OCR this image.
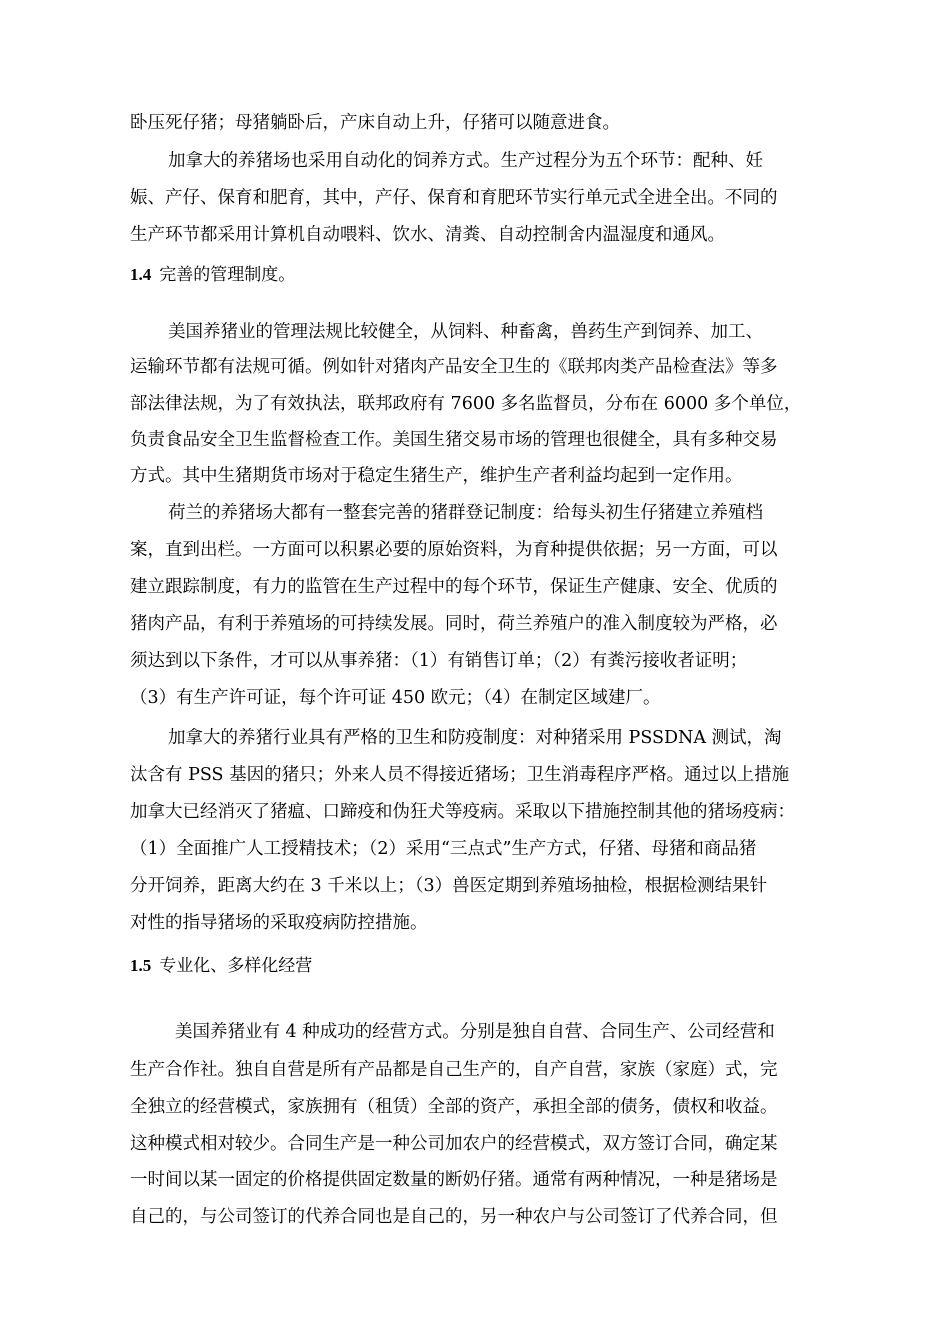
卧压死仔猪；母猪躺卧后，产床自动上升，仔猪可以随意进食。
加拿大的养猪场也采用自动化的饲养方式。生产过程分为五个环节：配种、妊
娠、产仔、保育和肥育，其中，产仔、保育和育肥环节实行单元式全进全出。不同的
生产环节都采用计算机自动喂料、饮水、清粪、自动控制舍内温湿度和通风。
1.4 完善的管理制度。
美国养猪业的管理法规比较健全，从饲料、种畜禽，兽药生产到饲养、加工、
运输环节都有法规可循。例如针对猪肉产品安全卫生的《联邦肉类产品检查法》等多
部法律法规，为了有效执法，联邦政府有 7600 多名监督员，分布在 6000 多个单位，
负责食品安全卫生监督检查工作。美国生猪交易市场的管理也很健全，具有多种交易
方式。其中生猪期货市场对于稳定生猪生产，维护生产者利益均起到一定作用。
荷兰的养猪场大都有一整套完善的猪群登记制度：给每头初生仔猪建立养殖档
案，直到出栏。一方面可以积累必要的原始资料，为育种提供依据；另一方面，可以
建立跟踪制度，有力的监管在生产过程中的每个环节，保证生产健康、安全、优质的
猪肉产品，有利于养殖场的可持续发展。同时，荷兰养殖户的准入制度较为严格，必
须达到以下条件，才可以从事养猪：（1）有销售订单；（2）有粪污接收者证明；
（3）有生产许可证，每个许可证 450 欧元；（4）在制定区域建厂。
加拿大的养猪行业具有严格的卫生和防疫制度：对种猪采用 PSSDNA 测试，淘
汰含有 PSS 基因的猪只；外来人员不得接近猪场；卫生消毒程序严格。通过以上措施
加拿大已经消灭了猪瘟、口蹄疫和伪狂犬等疫病。采取以下措施控制其他的猪场疫病：
（1）全面推广人工授精技术；（2）采用“三点式”生产方式，仔猪、母猪和商品猪
分开饲养，距离大约在 3 千米以上；（3）兽医定期到养殖场抽检，根据检测结果针
对性的指导猪场的采取疫病防控措施。
1.5 专业化、多样化经营
美国养猪业有 4 种成功的经营方式。分别是独自自营、合同生产、公司经营和
生产合作社。独自自营是所有产品都是自己生产的，自产自营，家族（家庭）式，完
全独立的经营模式，家族拥有（租赁）全部的资产，承担全部的债务，债权和收益。
这种模式相对较少。合同生产是一种公司加农户的经营模式，双方签订合同，确定某
一时间以某一固定的价格提供固定数量的断奶仔猪。通常有两种情况，一种是猪场是
自己的，与公司签订的代养合同也是自己的，另一种农户与公司签订了代养合同，但
